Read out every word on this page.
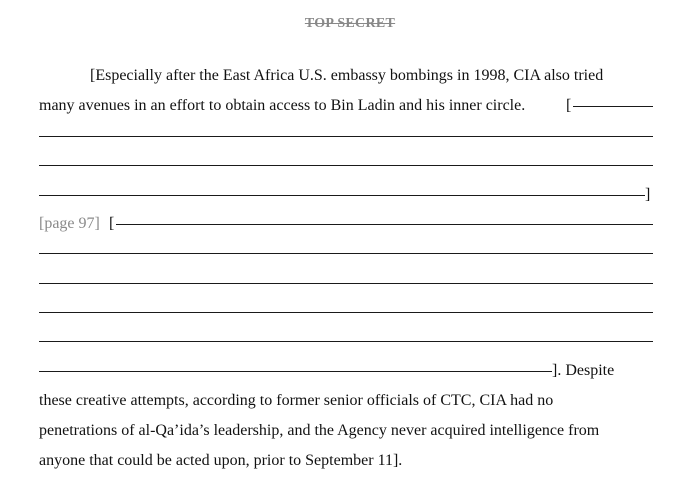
TOP SECRET
[Especially after the East Africa U.S. embassy bombings in 1998, CIA also tried
many avenues in an effort to obtain access to Bin Ladin and his inner circle.	[
]
[page 97] [
]. Despite
these creative attempts, according to former senior officials of CTC, CIA had no
penetrations of al-Qa’ida’s leadership, and the Agency never acquired intelligence from
anyone that could be acted upon, prior to September 11].
